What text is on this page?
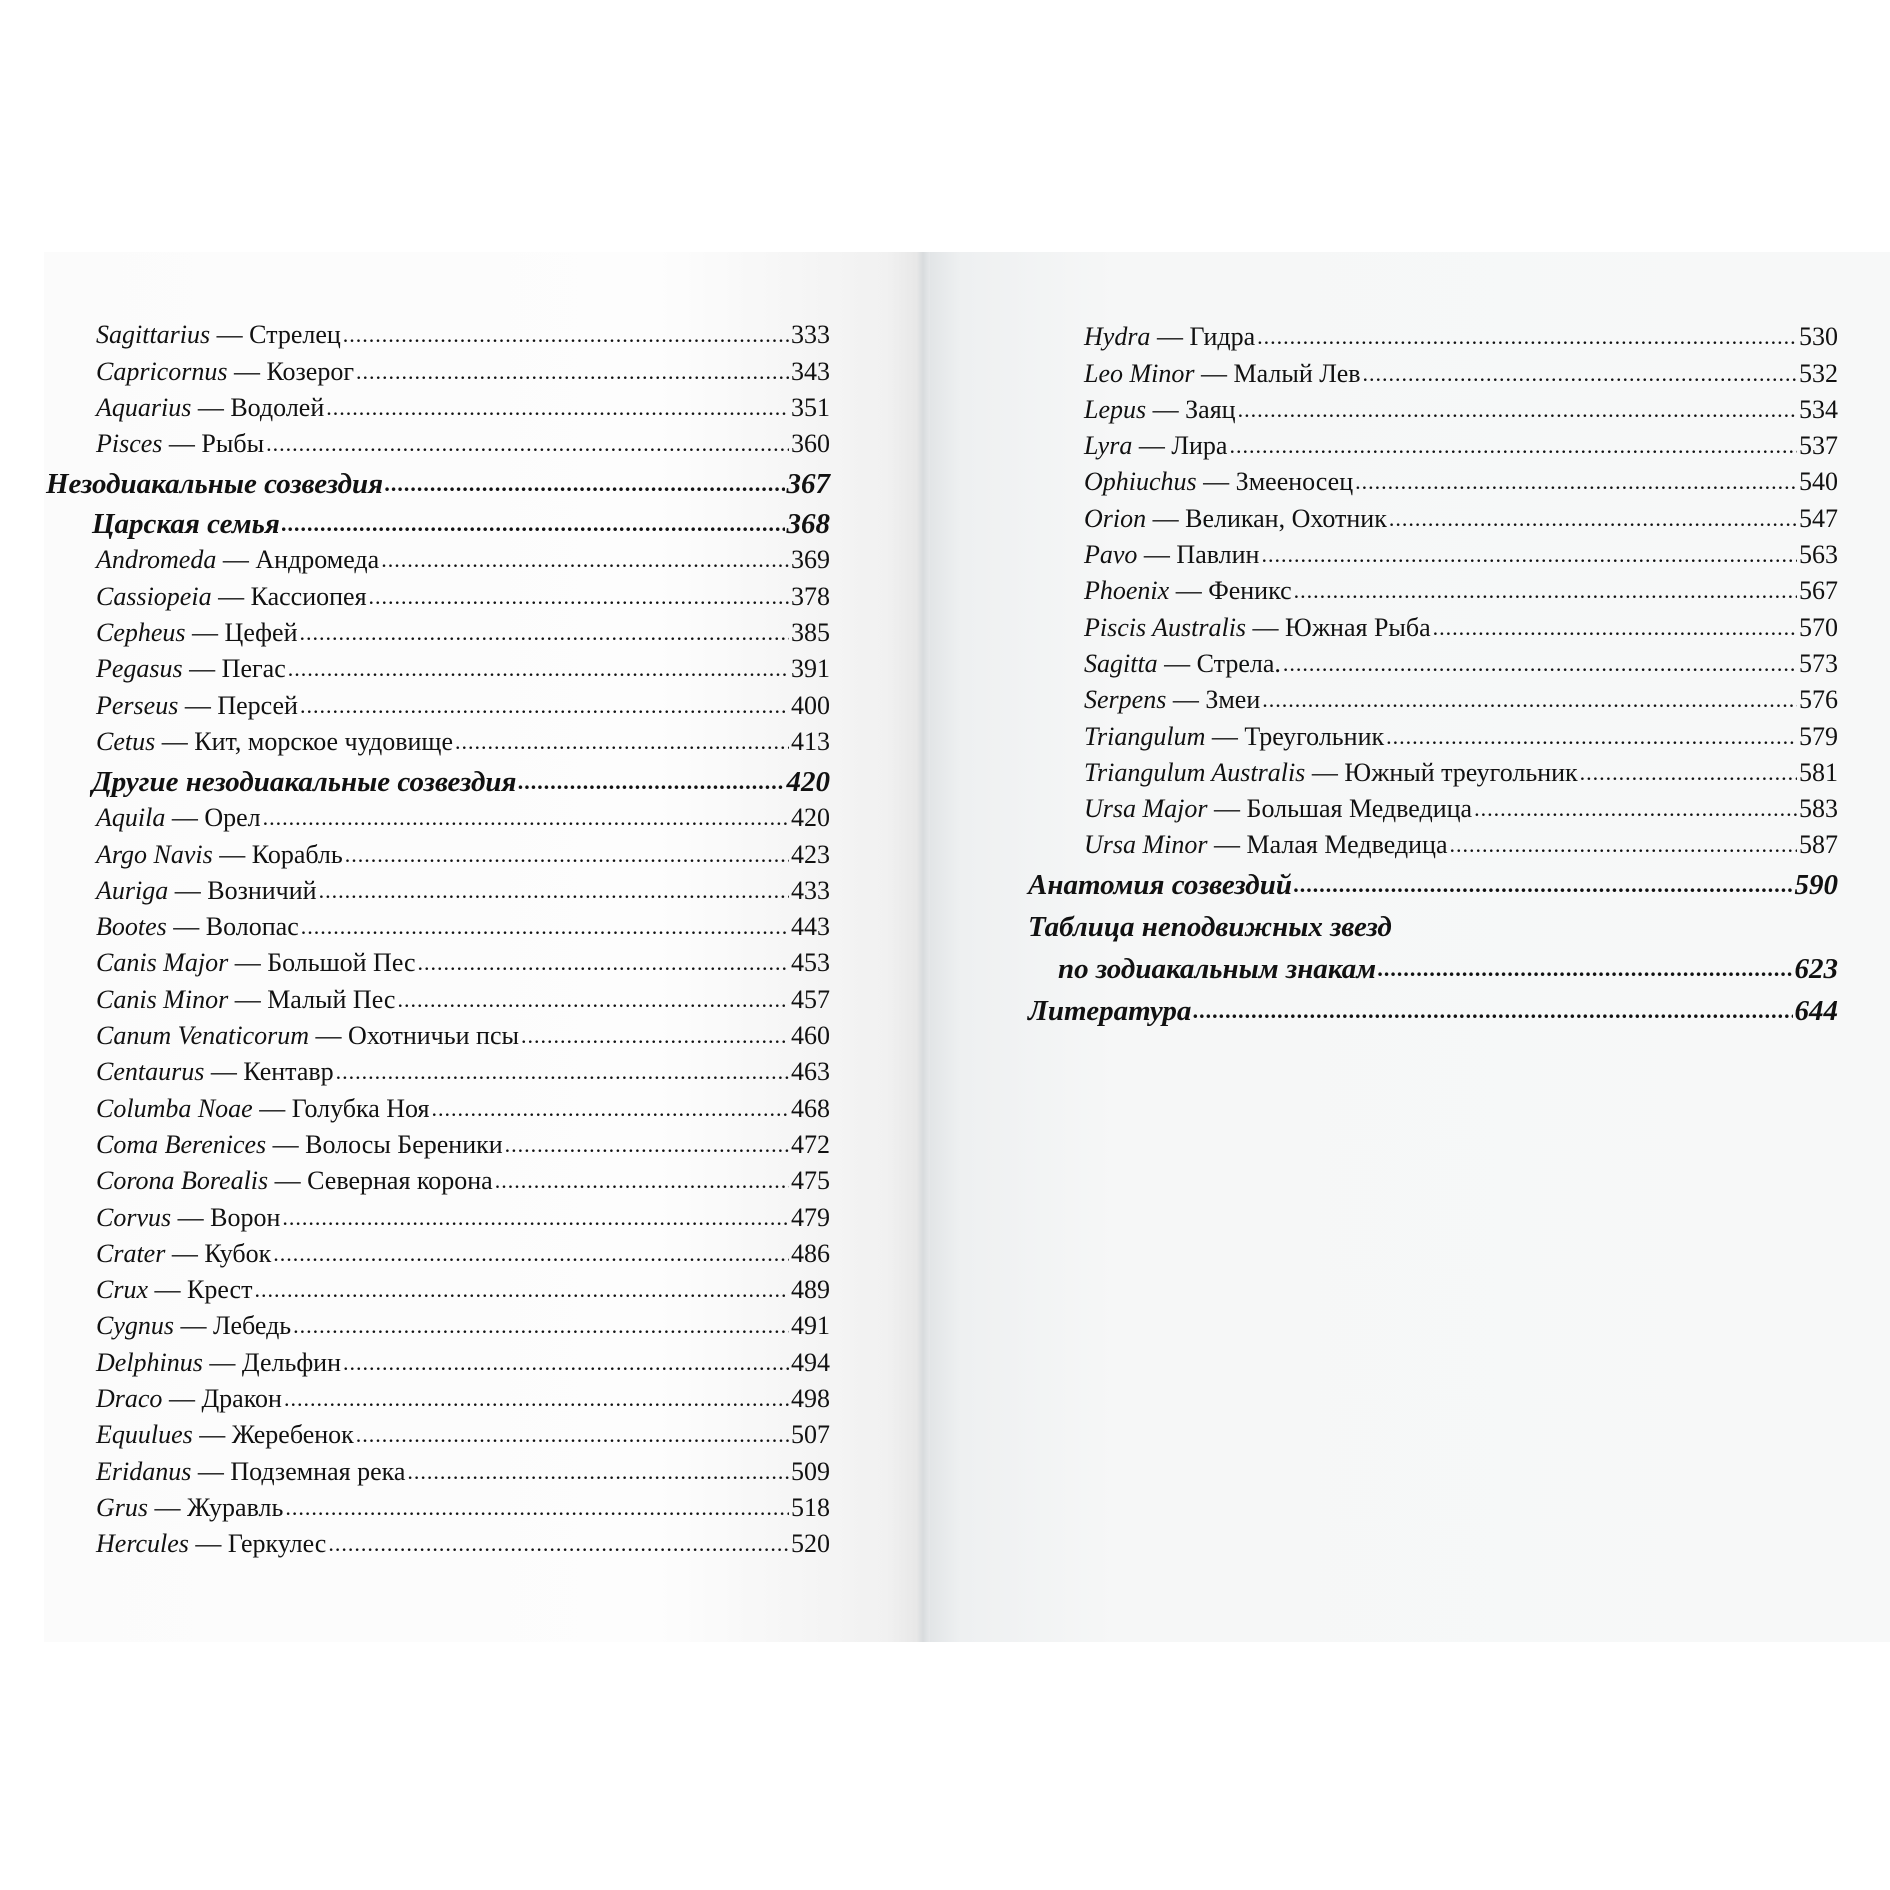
Sagittarius — Стрелец .....	333
Capricornus — Козерог .....	343
Aquarius — Водолей .....	351
Pisces — Рыбы .....	360
Незодиакальные созвездия .....	367
Царская семья .....	368
Andromeda — Андромеда .....	369
Cassiopeia — Кассиопея .....	378
Cepheus — Цефей .....	385
Pegasus — Пегас .....	391
Perseus — Персей .....	400
Cetus — Кит, морское чудовище .....	413
Другие незодиакальные созвездия .....	420
Aquila — Орел .....	420
Argo Navis — Корабль .....	423
Auriga — Возничий .....	433
Bootes — Волопас .....	443
Canis Major — Большой Пес .....	453
Canis Minor — Малый Пес .....	457
Canum Venaticorum — Охотничьи псы .....	460
Centaurus — Кентавр .....	463
Columba Noae — Голубка Ноя .....	468
Coma Berenices — Волосы Береники .....	472
Corona Borealis — Северная корона .....	475
Corvus — Ворон .....	479
Crater — Кубок .....	486
Crux — Крест .....	489
Cygnus — Лебедь .....	491
Delphinus — Дельфин .....	494
Draco — Дракон .....	498
Equulues — Жеребенок .....	507
Eridanus — Подземная река .....	509
Grus — Журавль .....	518
Hercules — Геркулес .....	520
Hydra — Гидра .....	530
Leo Minor — Малый Лев .....	532
Lepus — Заяц .....	534
Lyra — Лира .....	537
Ophiuchus — Змееносец .....	540
Orion — Великан, Охотник .....	547
Pavo — Павлин .....	563
Phoenix — Феникс .....	567
Piscis Australis — Южная Рыба .....	570
Sagitta — Стрела. .....	573
Serpens — Змеи .....	576
Triangulum — Треугольник .....	579
Triangulum Australis — Южный треугольник .....	581
Ursa Major — Большая Медведица .....	583
Ursa Minor — Малая Медведица .....	587
Анатомия созвездий .....	590
Таблица неподвижных звезд
по зодиакальным знакам .....	623
Литература .....	644
